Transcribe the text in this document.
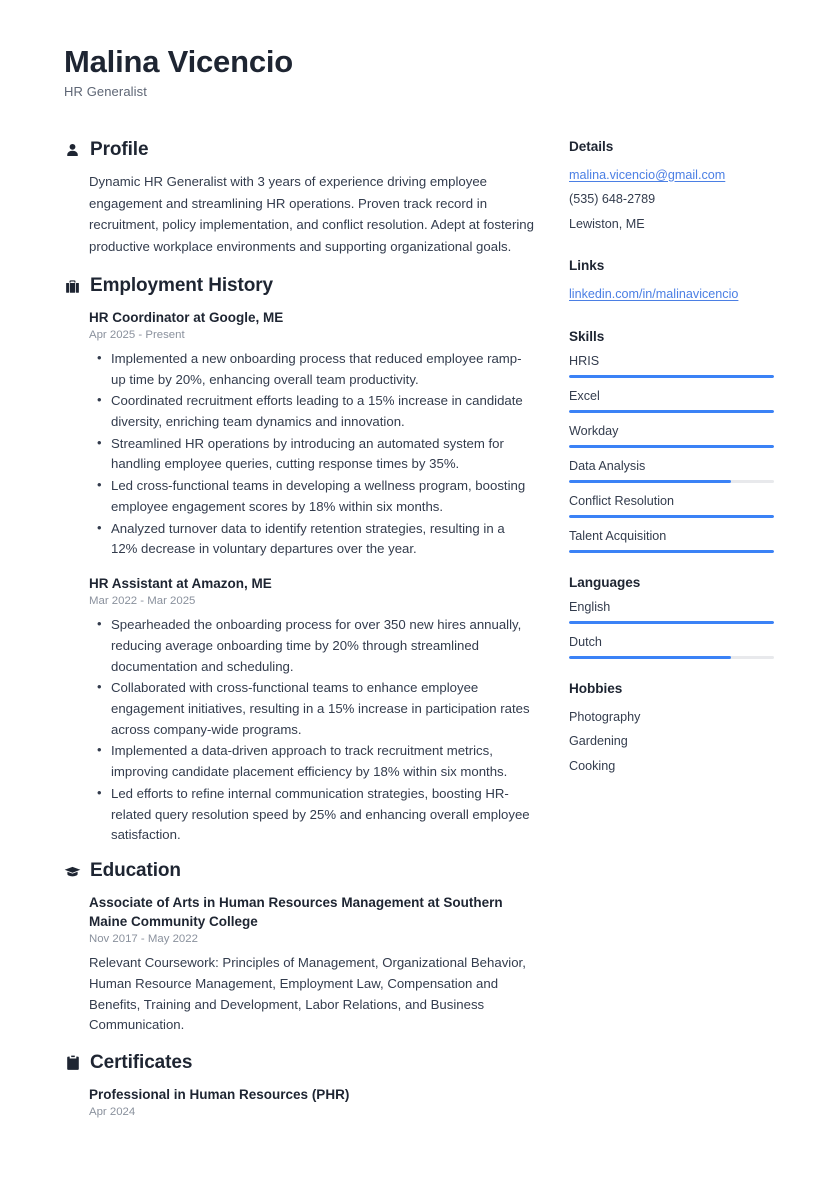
Malina Vicencio
HR Generalist
Profile

Dynamic HR Generalist with 3 years of experience driving employee engagement and streamlining HR operations. Proven track record in recruitment, policy implementation, and conflict resolution. Adept at fostering productive workplace environments and supporting organizational goals.

Employment History
HR Coordinator at Google, ME
Apr 2025 - Present
• Implemented a new onboarding process that reduced employee ramp-up time by 20%, enhancing overall team productivity.
• Coordinated recruitment efforts leading to a 15% increase in candidate diversity, enriching team dynamics and innovation.
• Streamlined HR operations by introducing an automated system for handling employee queries, cutting response times by 35%.
• Led cross-functional teams in developing a wellness program, boosting employee engagement scores by 18% within six months.
• Analyzed turnover data to identify retention strategies, resulting in a 12% decrease in voluntary departures over the year.
HR Assistant at Amazon, ME
Mar 2022 - Mar 2025
• Spearheaded the onboarding process for over 350 new hires annually, reducing average onboarding time by 20% through streamlined documentation and scheduling.
• Collaborated with cross-functional teams to enhance employee engagement initiatives, resulting in a 15% increase in participation rates across company-wide programs.
• Implemented a data-driven approach to track recruitment metrics, improving candidate placement efficiency by 18% within six months.
• Led efforts to refine internal communication strategies, boosting HR-related query resolution speed by 25% and enhancing overall employee satisfaction.
Education
Associate of Arts in Human Resources Management at Southern Maine Community College
Nov 2017 - May 2022
Relevant Coursework: Principles of Management, Organizational Behavior, Human Resource Management, Employment Law, Compensation and Benefits, Training and Development, Labor Relations, and Business Communication.
Certificates
Professional in Human Resources (PHR)
Apr 2024
Details
malina.vicencio@gmail.com
(535) 648-2789
Lewiston, ME
Links
linkedin.com/in/malinavicencio
Skills
HRIS
Excel
Workday
Data Analysis
Conflict Resolution
Talent Acquisition
Languages
English
Dutch
Hobbies
Photography
Gardening
Cooking
